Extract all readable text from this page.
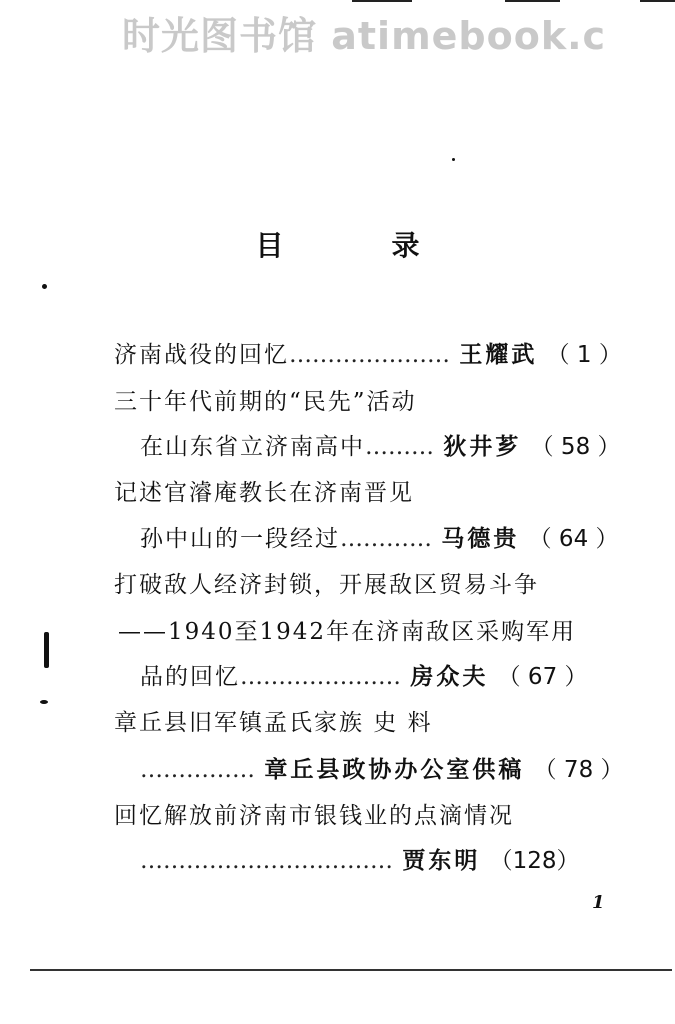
时光图书馆 atimebook.c
目　录
济南战役的回忆………………… 王耀武 （ 1 ）
三十年代前期的“民先”活动
在山东省立济南高中……… 狄井芗 （ 58 ）
记述官濬庵教长在济南晋见
孙中山的一段经过………… 马德贵 （ 64 ）
打破敌人经济封锁，开展敌区贸易斗争
——1940至1942年在济南敌区采购军用
品的回忆………………… 房众夫 （ 67 ）
章丘县旧军镇孟氏家族 史 料
…………… 章丘县政协办公室供稿 （ 78 ）
回忆解放前济南市银钱业的点滴情况
…………………………… 贾东明 （128）
1
